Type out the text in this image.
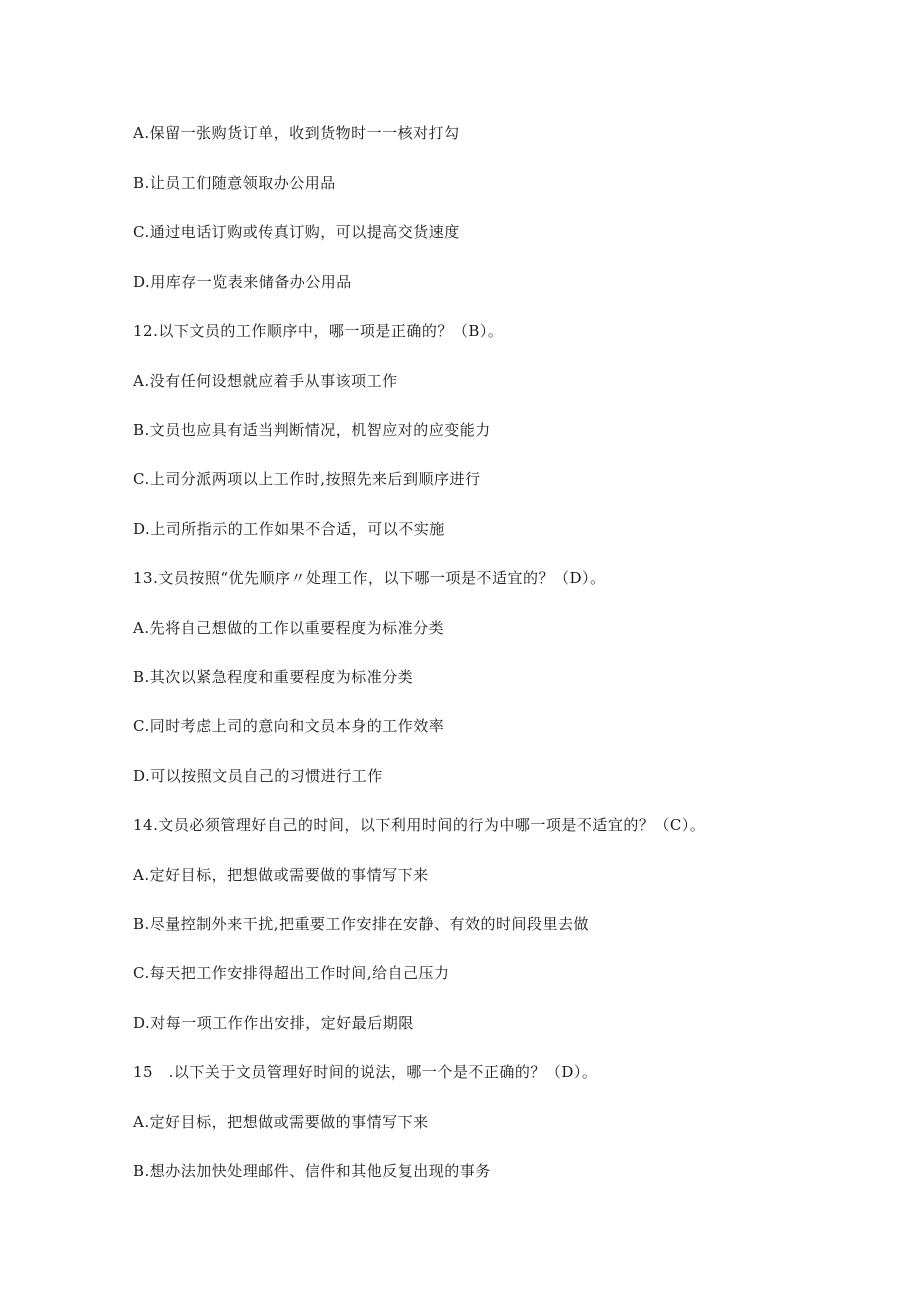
A.保留一张购货订单，收到货物时一一核对打勾
B.让员工们随意领取办公用品
C.通过电话订购或传真订购，可以提高交货速度
D.用库存一览表来储备办公用品
12.以下文员的工作顺序中，哪一项是正确的？（B）。
A.没有任何设想就应着手从事该项工作
B.文员也应具有适当判断情况，机智应对的应变能力
C.上司分派两项以上工作时,按照先来后到顺序进行
D.上司所指示的工作如果不合适，可以不实施
13.文员按照“优先顺序〃处理工作，以下哪一项是不适宜的？（D）。
A.先将自己想做的工作以重要程度为标准分类
B.其次以紧急程度和重要程度为标准分类
C.同时考虑上司的意向和文员本身的工作效率
D.可以按照文员自己的习惯进行工作
14.文员必须管理好自己的时间，以下利用时间的行为中哪一项是不适宜的？（C）。
A.定好目标，把想做或需要做的事情写下来
B.尽量控制外来干扰,把重要工作安排在安静、有效的时间段里去做
C.每天把工作安排得超出工作时间,给自己压力
D.对每一项工作作出安排，定好最后期限
15　.以下关于文员管理好时间的说法，哪一个是不正确的？（D）。
A.定好目标，把想做或需要做的事情写下来
B.想办法加快处理邮件、信件和其他反复出现的事务
